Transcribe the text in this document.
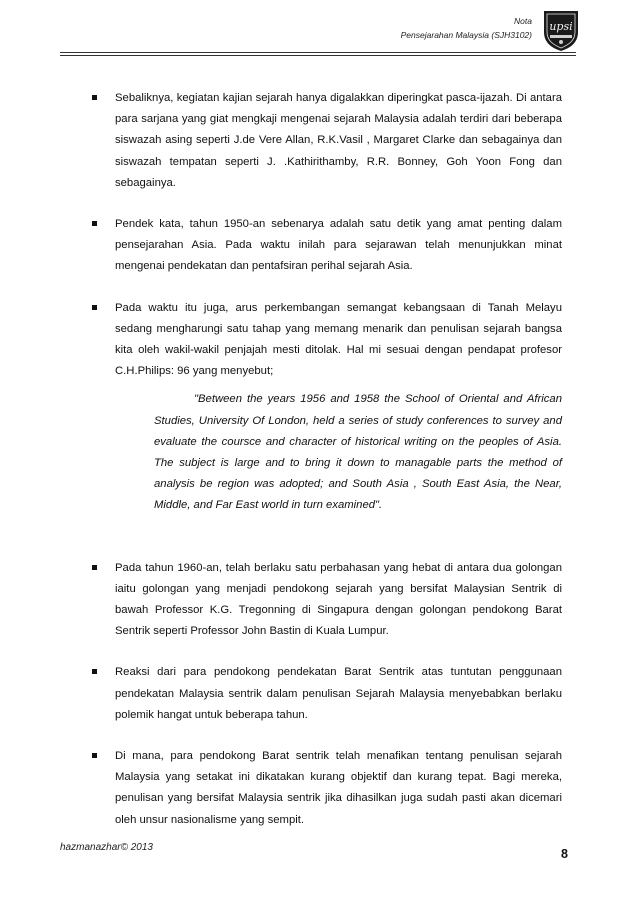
Nota
Pensejarahan Malaysia (SJH3102)
upsi

Sebaliknya, kegiatan kajian sejarah hanya digalakkan diperingkat pasca-ijazah. Di antara para sarjana yang giat mengkaji mengenai sejarah Malaysia adalah terdiri dari beberapa siswazah asing seperti J.de Vere Allan, R.K.Vasil , Margaret Clarke dan sebagainya dan siswazah tempatan seperti J. .Kathirithamby, R.R. Bonney, Goh Yoon Fong dan sebagainya.

Pendek kata, tahun 1950-an sebenarya adalah satu detik yang amat penting dalam pensejarahan Asia. Pada waktu inilah para sejarawan telah menunjukkan minat mengenai pendekatan dan pentafsiran perihal sejarah Asia.

Pada waktu itu juga, arus perkembangan semangat kebangsaan di Tanah Melayu sedang mengharungi satu tahap yang memang menarik dan penulisan sejarah bangsa kita oleh wakil-wakil penjajah mesti ditolak. Hal mi sesuai dengan pendapat profesor C.H.Philips: 96 yang menyebut;

"Between the years 1956 and 1958 the School of Oriental and African Studies, University Of London, held a series of study conferences to survey and evaluate the coursce and character of historical writing on the peoples of Asia. The subject is large and to bring it down to managable parts the method of analysis be region was adopted; and South Asia , South East Asia, the Near, Middle, and Far East world in turn examined".

Pada tahun 1960-an, telah berlaku satu perbahasan yang hebat di antara dua golongan iaitu golongan yang menjadi pendokong sejarah yang bersifat Malaysian Sentrik di bawah Professor K.G. Tregonning di Singapura dengan golongan pendokong Barat Sentrik seperti Professor John Bastin di Kuala Lumpur.

Reaksi dari para pendokong pendekatan Barat Sentrik atas tuntutan penggunaan pendekatan Malaysia sentrik dalam penulisan Sejarah Malaysia menyebabkan berlaku polemik hangat untuk beberapa tahun.

Di mana, para pendokong Barat sentrik telah menafikan tentang penulisan sejarah Malaysia yang setakat ini dikatakan kurang objektif dan kurang tepat. Bagi mereka, penulisan yang bersifat Malaysia sentrik jika dihasilkan juga sudah pasti akan dicemari oleh unsur nasionalisme yang sempit.

hazmanazhar© 2013	8
